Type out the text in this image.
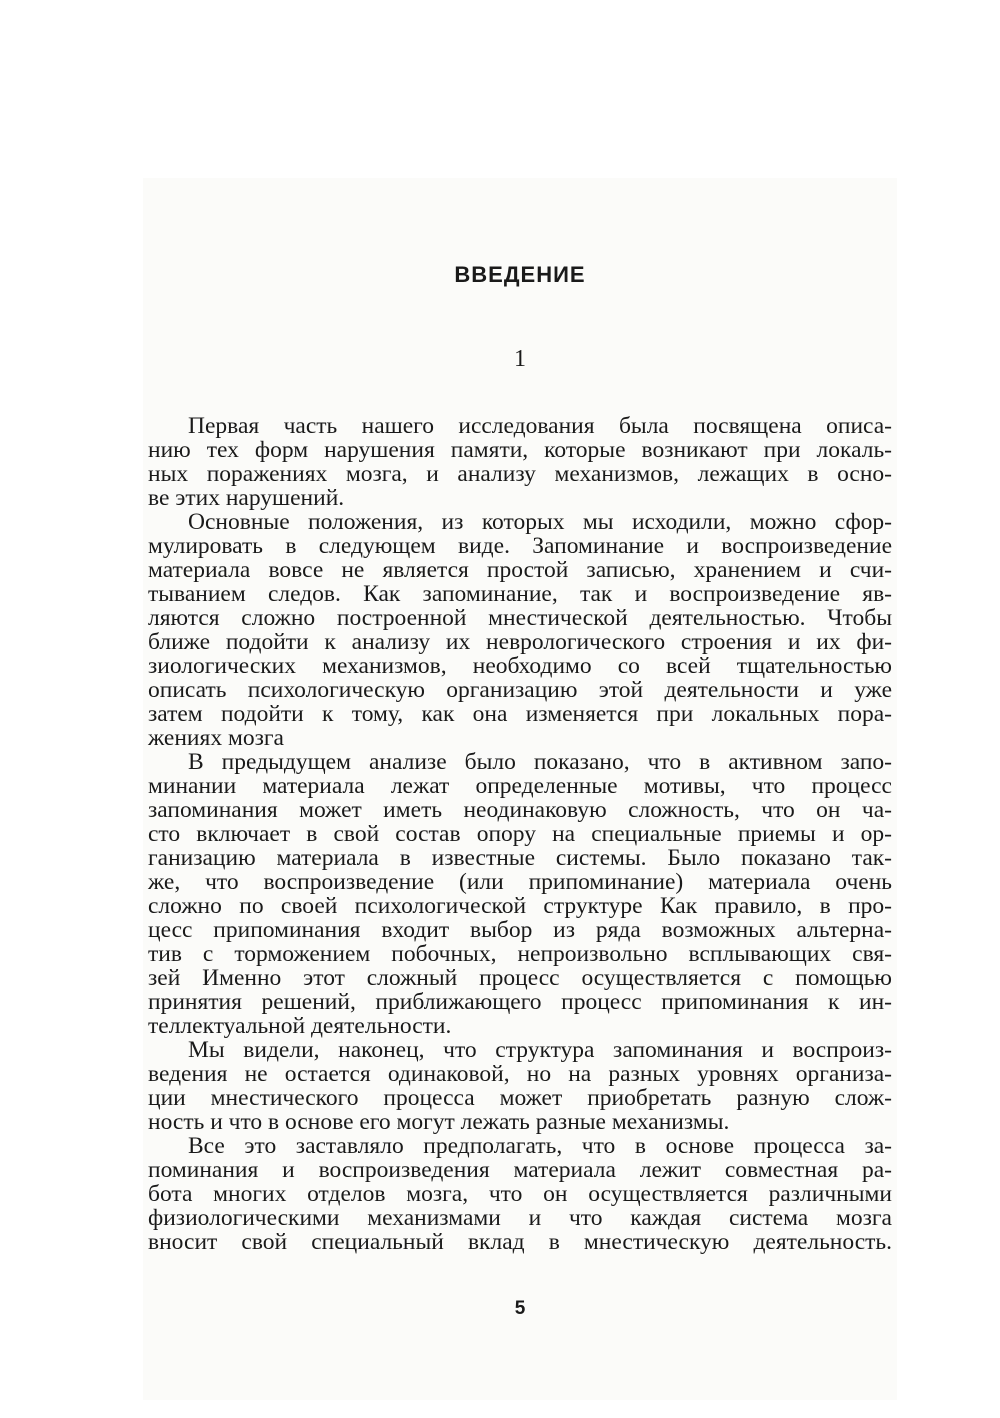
ВВЕДЕНИЕ
1
Первая часть нашего исследования была посвящена описа-
нию тех форм нарушения памяти, которые возникают при локаль-
ных поражениях мозга, и анализу механизмов, лежащих в осно-
ве этих нарушений.
Основные положения, из которых мы исходили, можно сфор-
мулировать в следующем виде. Запоминание и воспроизведение
материала вовсе не является простой записью, хранением и счи-
тыванием следов. Как запоминание, так и воспроизведение яв-
ляются сложно построенной мнестической деятельностью. Чтобы
ближе подойти к анализу их неврологического строения и их фи-
зиологических механизмов, необходимо со всей тщательностью
описать психологическую организацию этой деятельности и уже
затем подойти к тому, как она изменяется при локальных пора-
жениях мозга
В предыдущем анализе было показано, что в активном запо-
минании материала лежат определенные мотивы, что процесс
запоминания может иметь неодинаковую сложность, что он ча-
сто включает в свой состав опору на специальные приемы и ор-
ганизацию материала в известные системы. Было показано так-
же, что воспроизведение (или припоминание) материала очень
сложно по своей психологической структуре Как правило, в про-
цесс припоминания входит выбор из ряда возможных альтерна-
тив с торможением побочных, непроизвольно всплывающих свя-
зей Именно этот сложный процесс осуществляется с помощью
принятия решений, приближающего процесс припоминания к ин-
теллектуальной деятельности.
Мы видели, наконец, что структура запоминания и воспроиз-
ведения не остается одинаковой, но на разных уровнях организа-
ции мнестического процесса может приобретать разную слож-
ность и что в основе его могут лежать разные механизмы.
Все это заставляло предполагать, что в основе процесса за-
поминания и воспроизведения материала лежит совместная ра-
бота многих отделов мозга, что он осуществляется различными
физиологическими механизмами и что каждая система мозга
вносит свой специальный вклад в мнестическую деятельность.
5
